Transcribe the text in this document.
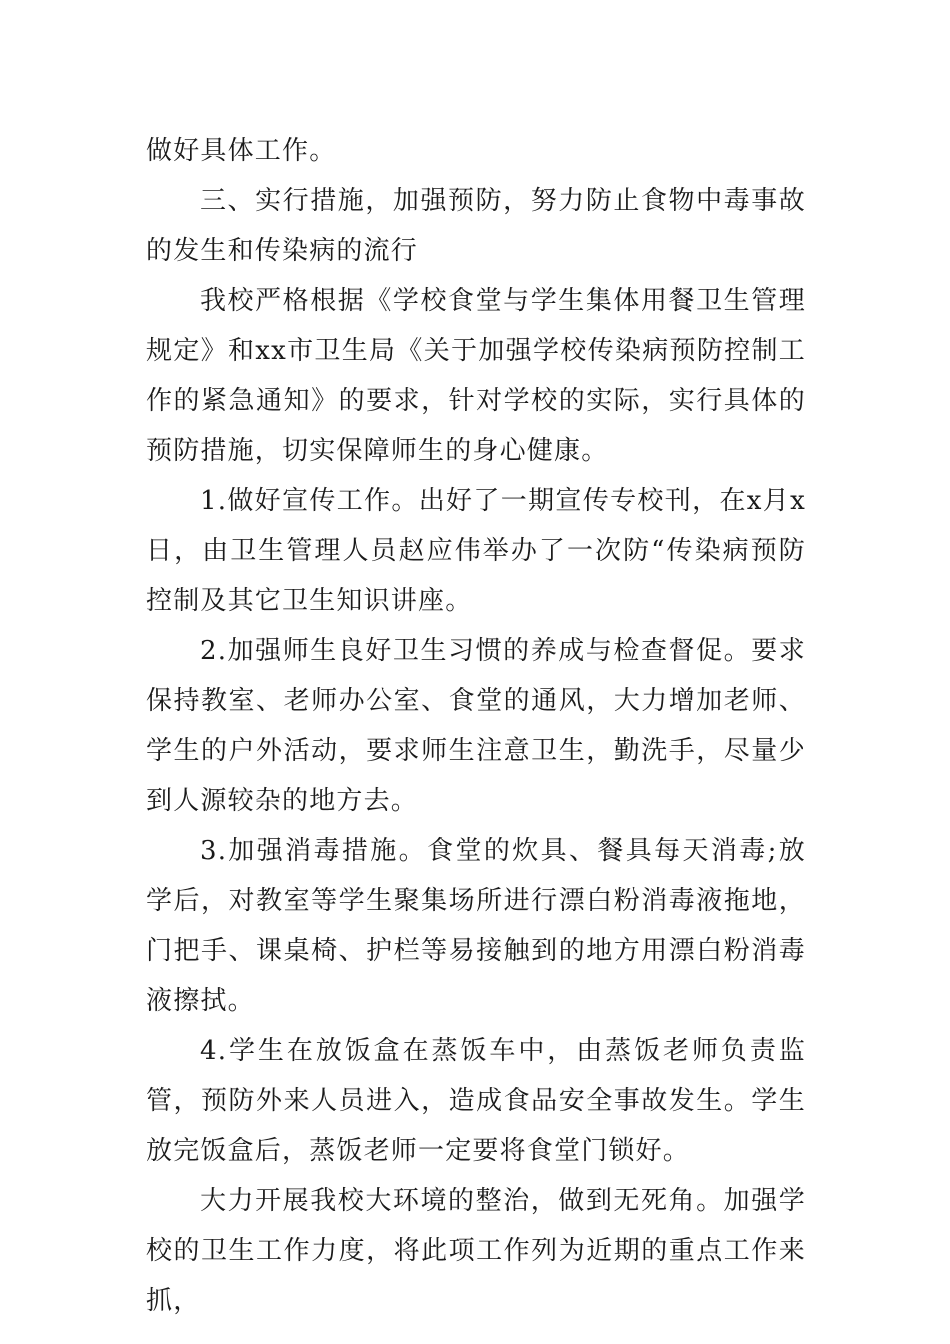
做好具体工作。

三、实行措施，加强预防，努力防止食物中毒事故的发生和传染病的流行

我校严格根据《学校食堂与学生集体用餐卫生管理规定》和xx市卫生局《关于加强学校传染病预防控制工作的紧急通知》的要求，针对学校的实际，实行具体的预防措施，切实保障师生的身心健康。

1.做好宣传工作。出好了一期宣传专校刊，在x月x日，由卫生管理人员赵应伟举办了一次防“传染病预防控制及其它卫生知识讲座。

2.加强师生良好卫生习惯的养成与检查督促。要求保持教室、老师办公室、食堂的通风，大力增加老师、学生的户外活动，要求师生注意卫生，勤洗手，尽量少到人源较杂的地方去。

3.加强消毒措施。食堂的炊具、餐具每天消毒;放学后，对教室等学生聚集场所进行漂白粉消毒液拖地，门把手、课桌椅、护栏等易接触到的地方用漂白粉消毒液擦拭。

4.学生在放饭盒在蒸饭车中，由蒸饭老师负责监管，预防外来人员进入，造成食品安全事故发生。学生放完饭盒后，蒸饭老师一定要将食堂门锁好。

大力开展我校大环境的整治，做到无死角。加强学校的卫生工作力度，将此项工作列为近期的重点工作来抓，
